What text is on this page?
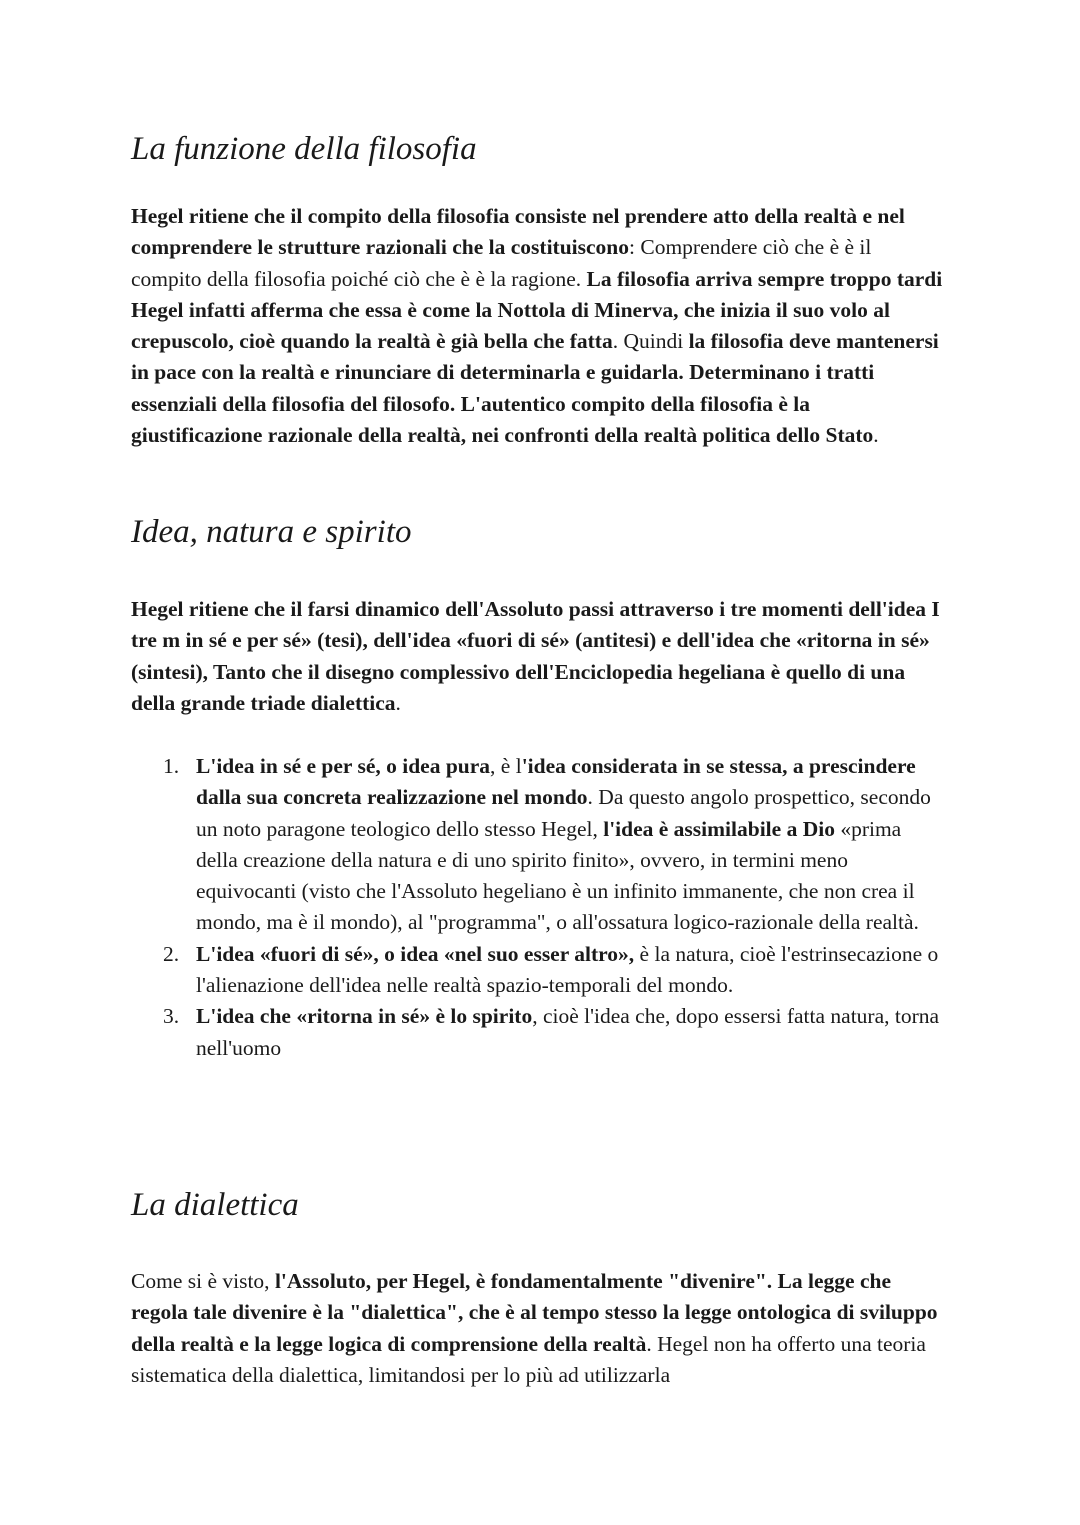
La funzione della filosofia

Hegel ritiene che il compito della filosofia consiste nel prendere atto della realtà e nel comprendere le strutture razionali che la costituiscono: Comprendere ciò che è è il compito della filosofia poiché ciò che è è la ragione. La filosofia arriva sempre troppo tardi Hegel infatti afferma che essa è come la Nottola di Minerva, che inizia il suo volo al crepuscolo, cioè quando la realtà è già bella che fatta. Quindi la filosofia deve mantenersi in pace con la realtà e rinunciare di determinarla e guidarla. Determinano i tratti essenziali della filosofia del filosofo. L'autentico compito della filosofia è la giustificazione razionale della realtà, nei confronti della realtà politica dello Stato.

Idea, natura e spirito

Hegel ritiene che il farsi dinamico dell'Assoluto passi attraverso i tre momenti dell'idea I tre m in sé e per sé» (tesi), dell'idea «fuori di sé» (antitesi) e dell'idea che «ritorna in sé» (sintesi), Tanto che il disegno complessivo dell'Enciclopedia hegeliana è quello di una della grande triade dialettica.

1. L'idea in sé e per sé, o idea pura, è l'idea considerata in se stessa, a prescindere dalla sua concreta realizzazione nel mondo. Da questo angolo prospettico, secondo un noto paragone teologico dello stesso Hegel, l'idea è assimilabile a Dio «prima della creazione della natura e di uno spirito finito», ovvero, in termini meno equivocanti (visto che l'Assoluto hegeliano è un infinito immanente, che non crea il mondo, ma è il mondo), al "programma", o all'ossatura logico-razionale della realtà.
2. L'idea «fuori di sé», o idea «nel suo esser altro», è la natura, cioè l'estrinsecazione o l'alienazione dell'idea nelle realtà spazio-temporali del mondo.
3. L'idea che «ritorna in sé» è lo spirito, cioè l'idea che, dopo essersi fatta natura, torna nell'uomo
La dialettica

Come si è visto, l'Assoluto, per Hegel, è fondamentalmente "divenire". La legge che regola tale divenire è la "dialettica", che è al tempo stesso la legge ontologica di sviluppo della realtà e la legge logica di comprensione della realtà. Hegel non ha offerto una teoria sistematica della dialettica, limitandosi per lo più ad utilizzarla
